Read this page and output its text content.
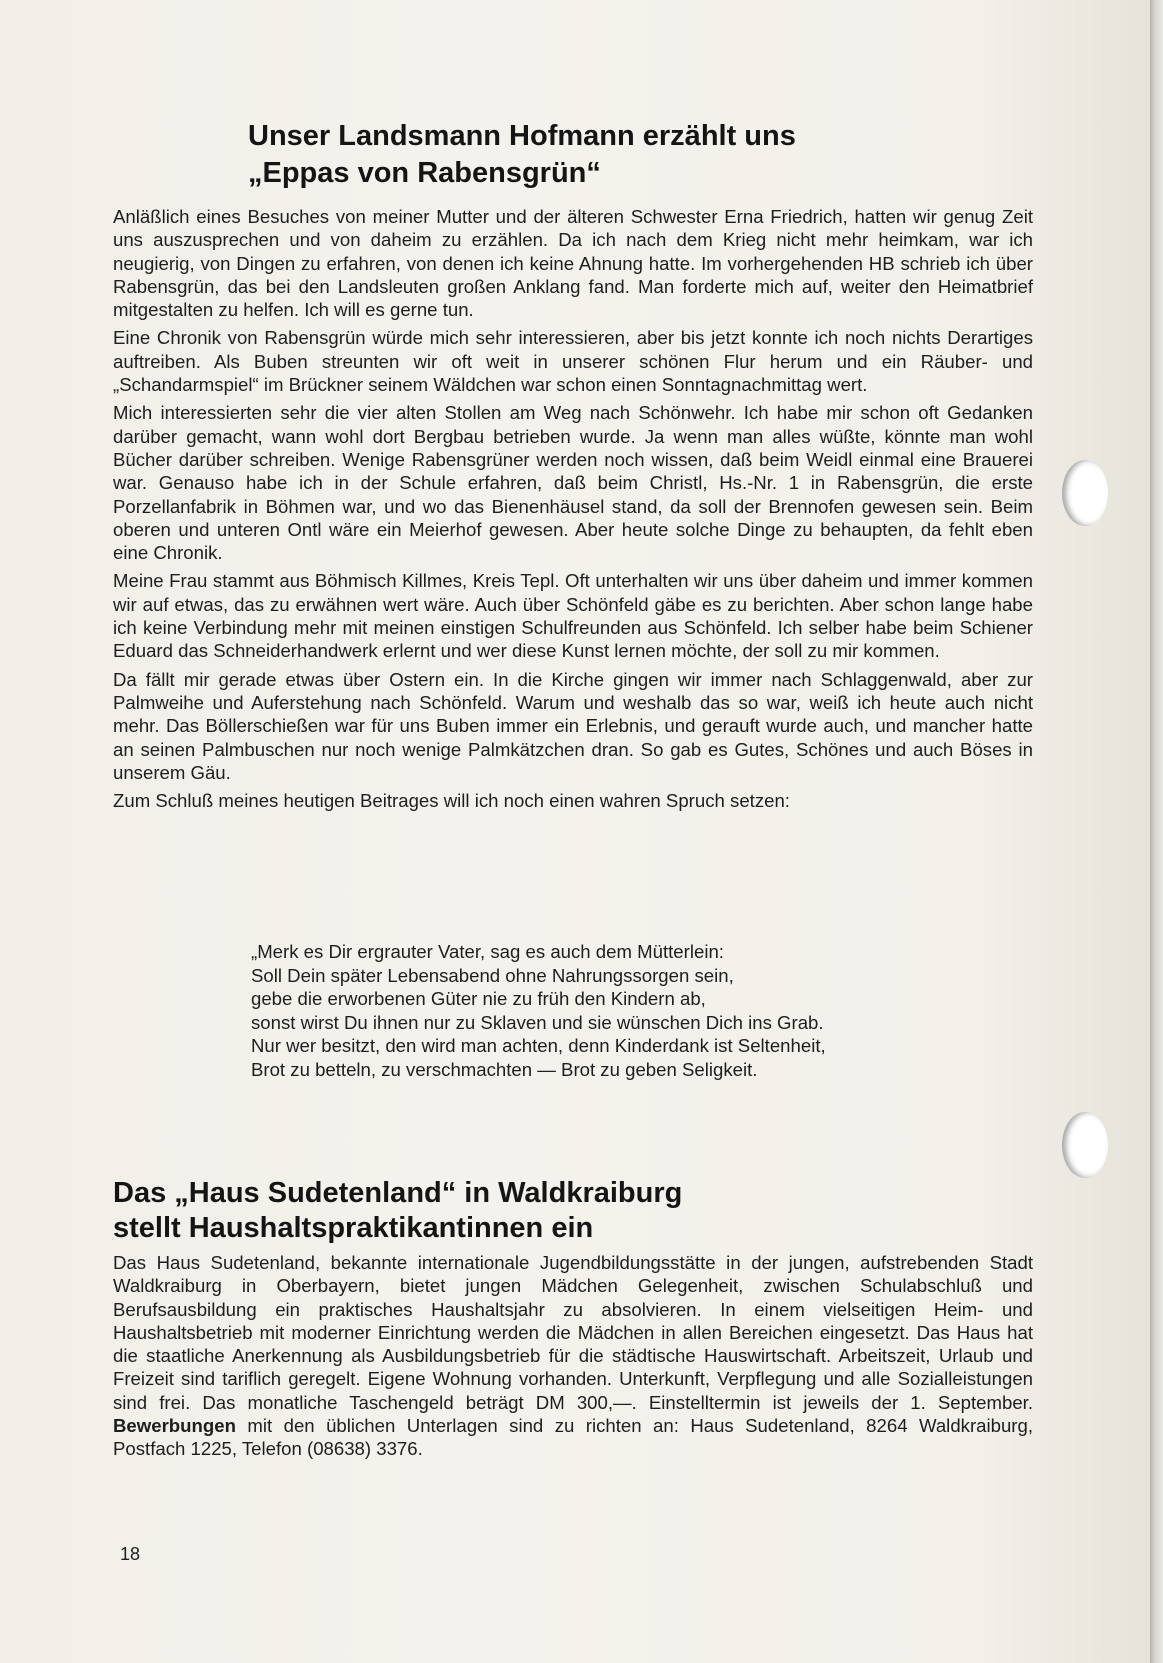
Unser Landsmann Hofmann erzählt uns
„Eppas von Rabensgrün“

Anläßlich eines Besuches von meiner Mutter und der älteren Schwester Erna Friedrich, hatten wir genug Zeit uns auszusprechen und von daheim zu erzählen. Da ich nach dem Krieg nicht mehr heimkam, war ich neugierig, von Dingen zu erfahren, von denen ich keine Ahnung hatte. Im vorhergehenden HB schrieb ich über Rabensgrün, das bei den Landsleuten großen Anklang fand. Man forderte mich auf, weiter den Heimatbrief mitgestalten zu helfen. Ich will es gerne tun.

Eine Chronik von Rabensgrün würde mich sehr interessieren, aber bis jetzt konnte ich noch nichts Derartiges auftreiben. Als Buben streunten wir oft weit in unserer schönen Flur herum und ein Räuber- und „Schandarmspiel“ im Brückner seinem Wäldchen war schon einen Sonntagnachmittag wert.

Mich interessierten sehr die vier alten Stollen am Weg nach Schönwehr. Ich habe mir schon oft Gedanken darüber gemacht, wann wohl dort Bergbau betrieben wurde. Ja wenn man alles wüßte, könnte man wohl Bücher darüber schreiben. Wenige Rabensgrüner werden noch wissen, daß beim Weidl einmal eine Brauerei war. Genauso habe ich in der Schule erfahren, daß beim Christl, Hs.-Nr. 1 in Rabensgrün, die erste Porzellanfabrik in Böhmen war, und wo das Bienenhäusel stand, da soll der Brennofen gewesen sein. Beim oberen und unteren Ontl wäre ein Meierhof gewesen. Aber heute solche Dinge zu behaupten, da fehlt eben eine Chronik.

Meine Frau stammt aus Böhmisch Killmes, Kreis Tepl. Oft unterhalten wir uns über daheim und immer kommen wir auf etwas, das zu erwähnen wert wäre. Auch über Schönfeld gäbe es zu berichten. Aber schon lange habe ich keine Verbindung mehr mit meinen einstigen Schulfreunden aus Schönfeld. Ich selber habe beim Schiener Eduard das Schneiderhandwerk erlernt und wer diese Kunst lernen möchte, der soll zu mir kommen.

Da fällt mir gerade etwas über Ostern ein. In die Kirche gingen wir immer nach Schlaggenwald, aber zur Palmweihe und Auferstehung nach Schönfeld. Warum und weshalb das so war, weiß ich heute auch nicht mehr. Das Böllerschießen war für uns Buben immer ein Erlebnis, und gerauft wurde auch, und mancher hatte an seinen Palmbuschen nur noch wenige Palmkätzchen dran. So gab es Gutes, Schönes und auch Böses in unserem Gäu.

Zum Schluß meines heutigen Beitrages will ich noch einen wahren Spruch setzen:

„Merk es Dir ergrauter Vater, sag es auch dem Mütterlein:
Soll Dein später Lebensabend ohne Nahrungssorgen sein,
gebe die erworbenen Güter nie zu früh den Kindern ab,
sonst wirst Du ihnen nur zu Sklaven und sie wünschen Dich ins Grab.
Nur wer besitzt, den wird man achten, denn Kinderdank ist Seltenheit,
Brot zu betteln, zu verschmachten — Brot zu geben Seligkeit.
Das „Haus Sudetenland“ in Waldkraiburg
stellt Haushaltspraktikantinnen ein

Das Haus Sudetenland, bekannte internationale Jugendbildungsstätte in der jungen, aufstrebenden Stadt Waldkraiburg in Oberbayern, bietet jungen Mädchen Gelegenheit, zwischen Schulabschluß und Berufsausbildung ein praktisches Haushaltsjahr zu absolvieren. In einem vielseitigen Heim- und Haushaltsbetrieb mit moderner Einrichtung werden die Mädchen in allen Bereichen eingesetzt. Das Haus hat die staatliche Anerkennung als Ausbildungsbetrieb für die städtische Hauswirtschaft. Arbeitszeit, Urlaub und Freizeit sind tariflich geregelt. Eigene Wohnung vorhanden. Unterkunft, Verpflegung und alle Sozialleistungen sind frei. Das monatliche Taschengeld beträgt DM 300,—. Einstelltermin ist jeweils der 1. September. Bewerbungen mit den üblichen Unterlagen sind zu richten an: Haus Sudetenland, 8264 Waldkraiburg, Postfach 1225, Telefon (08638) 3376.

18
